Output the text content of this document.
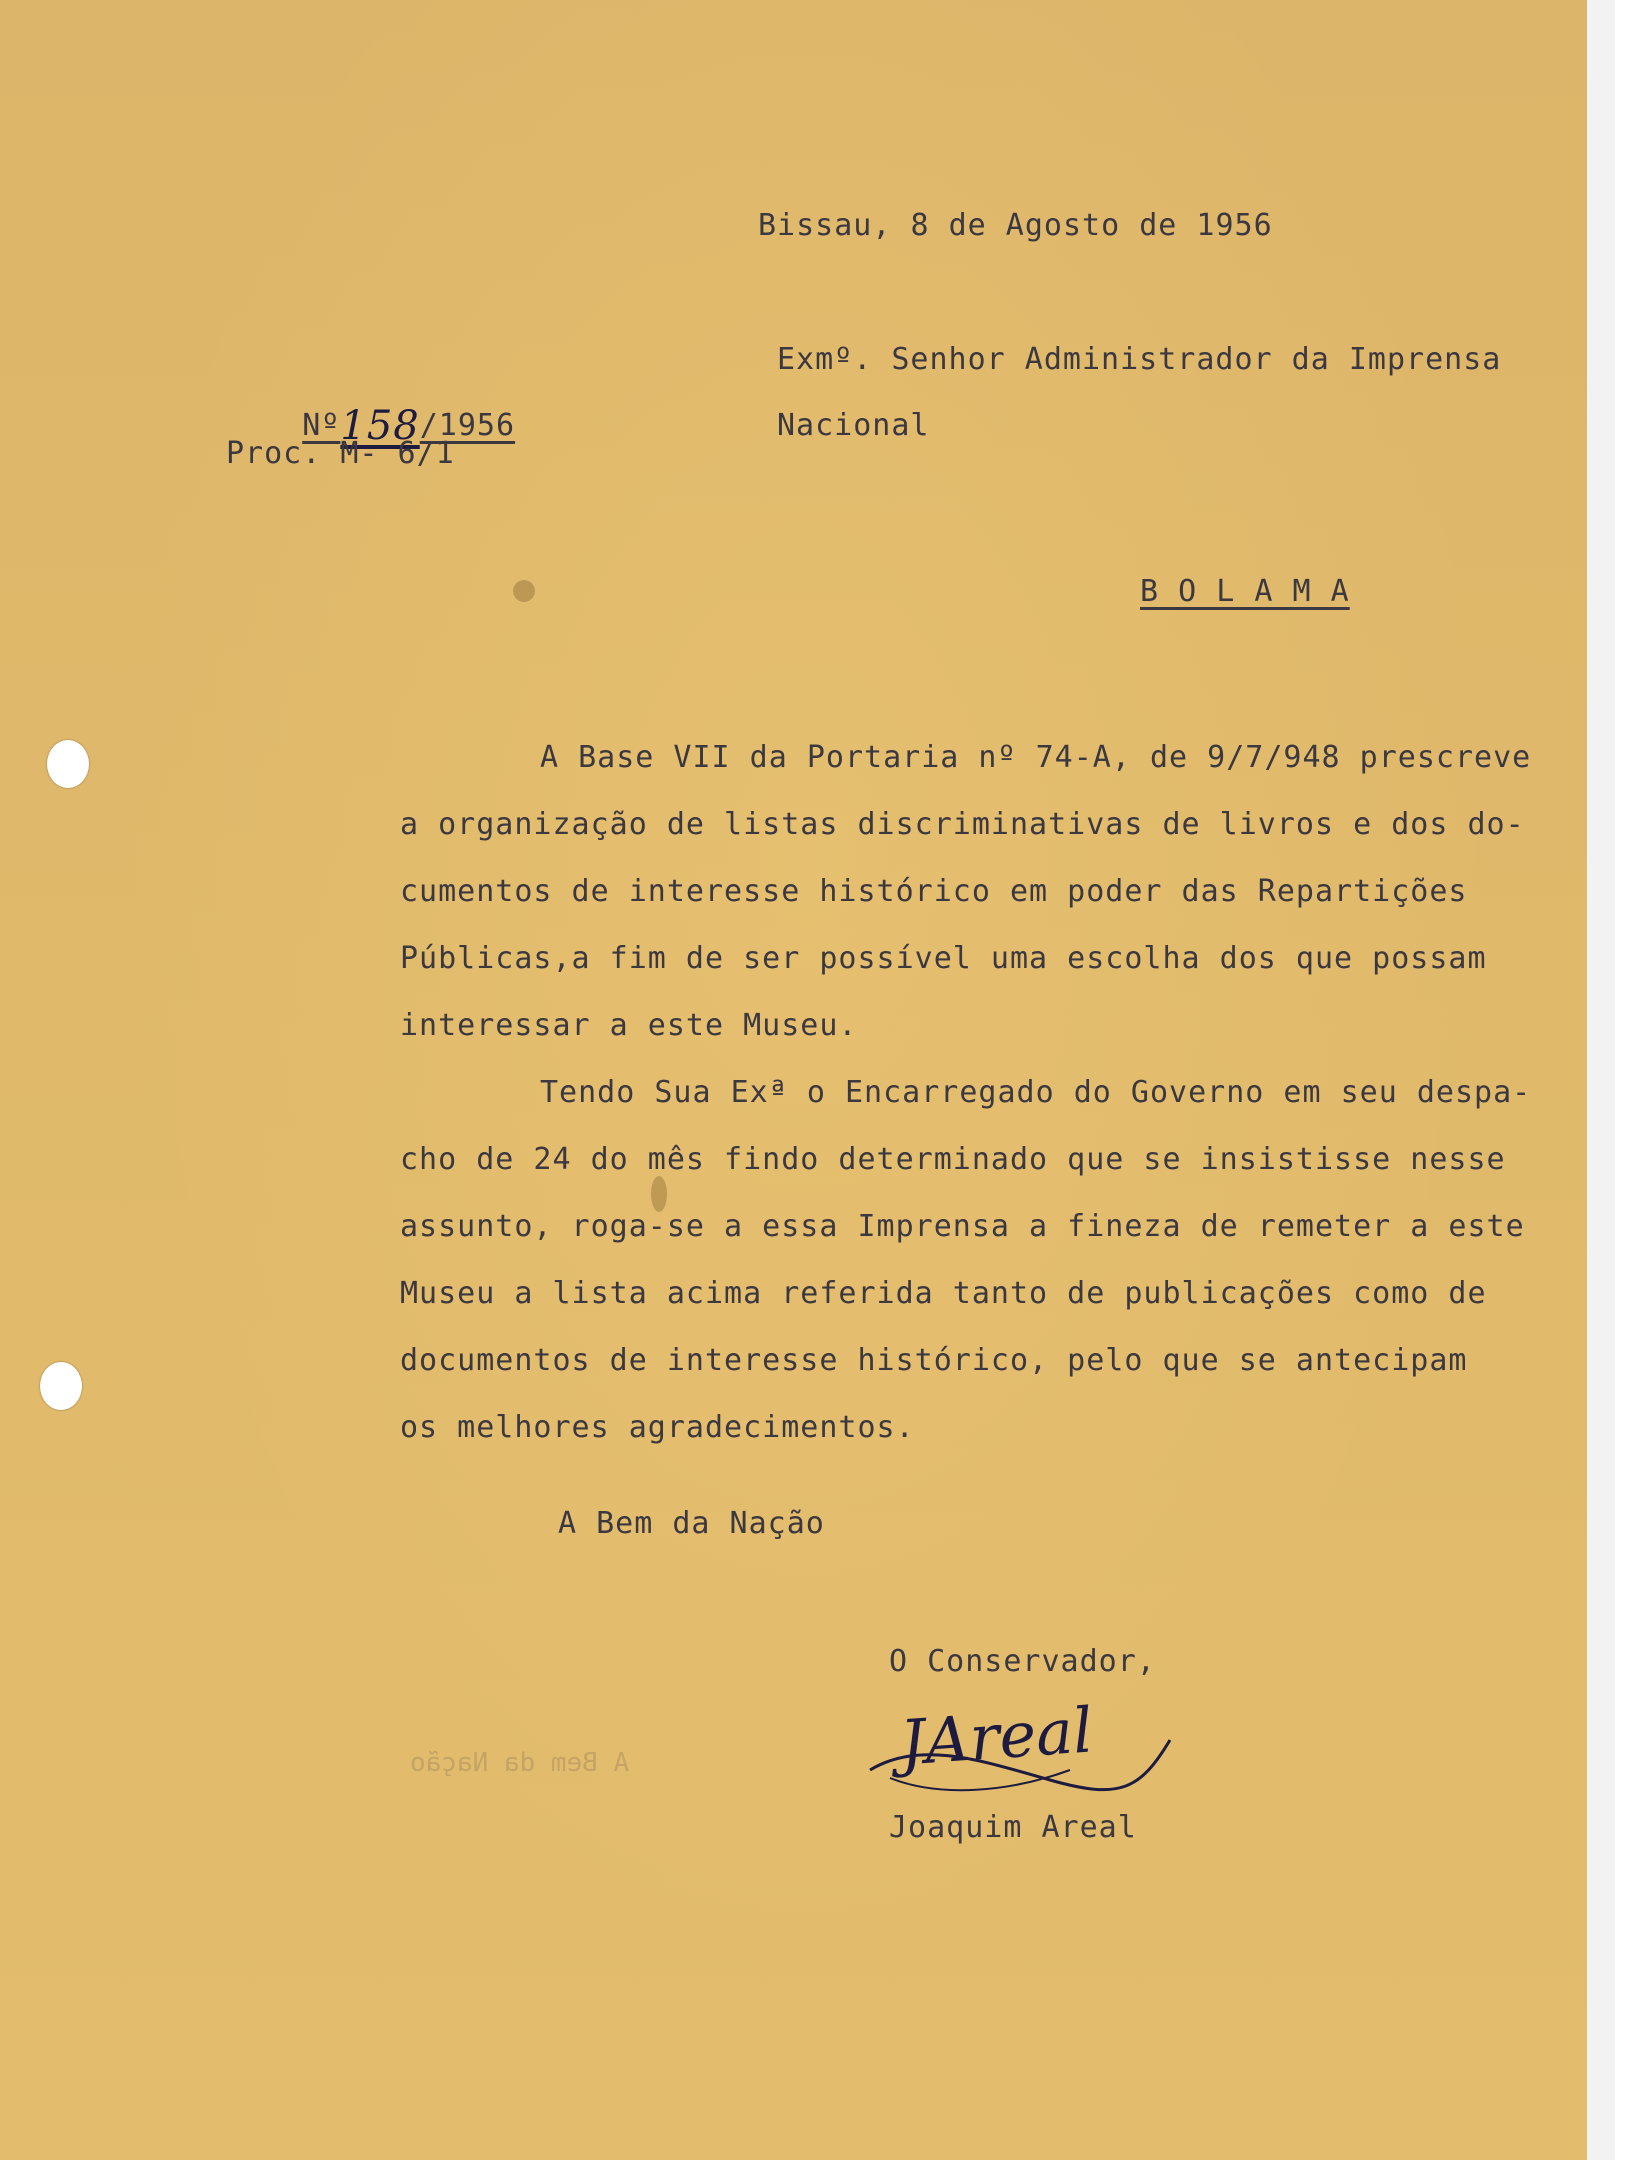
Bissau, 8 de Agosto de 1956

Nº158/1956

Proc. M- 6/1
Exmº. Senhor Administrador da Imprensa
Nacional
B O L A M A
A Base VII da Portaria nº 74-A, de 9/7/948 prescreve
a organização de listas discriminativas de livros e dos do-
cumentos de interesse histórico em poder das Repartições
Públicas,a fim de ser possível uma escolha dos que possam
interessar a este Museu.
Tendo Sua Exª o Encarregado do Governo em seu despa-
cho de 24 do mês findo determinado que se insistisse nesse
assunto, roga-se a essa Imprensa a fineza de remeter a este
Museu a lista acima referida tanto de publicações como de
documentos de interesse histórico, pelo que se antecipam
os melhores agradecimentos.
A Bem da Nação
A Bem da Nação
O Conservador,
JAreal
Joaquim Areal
